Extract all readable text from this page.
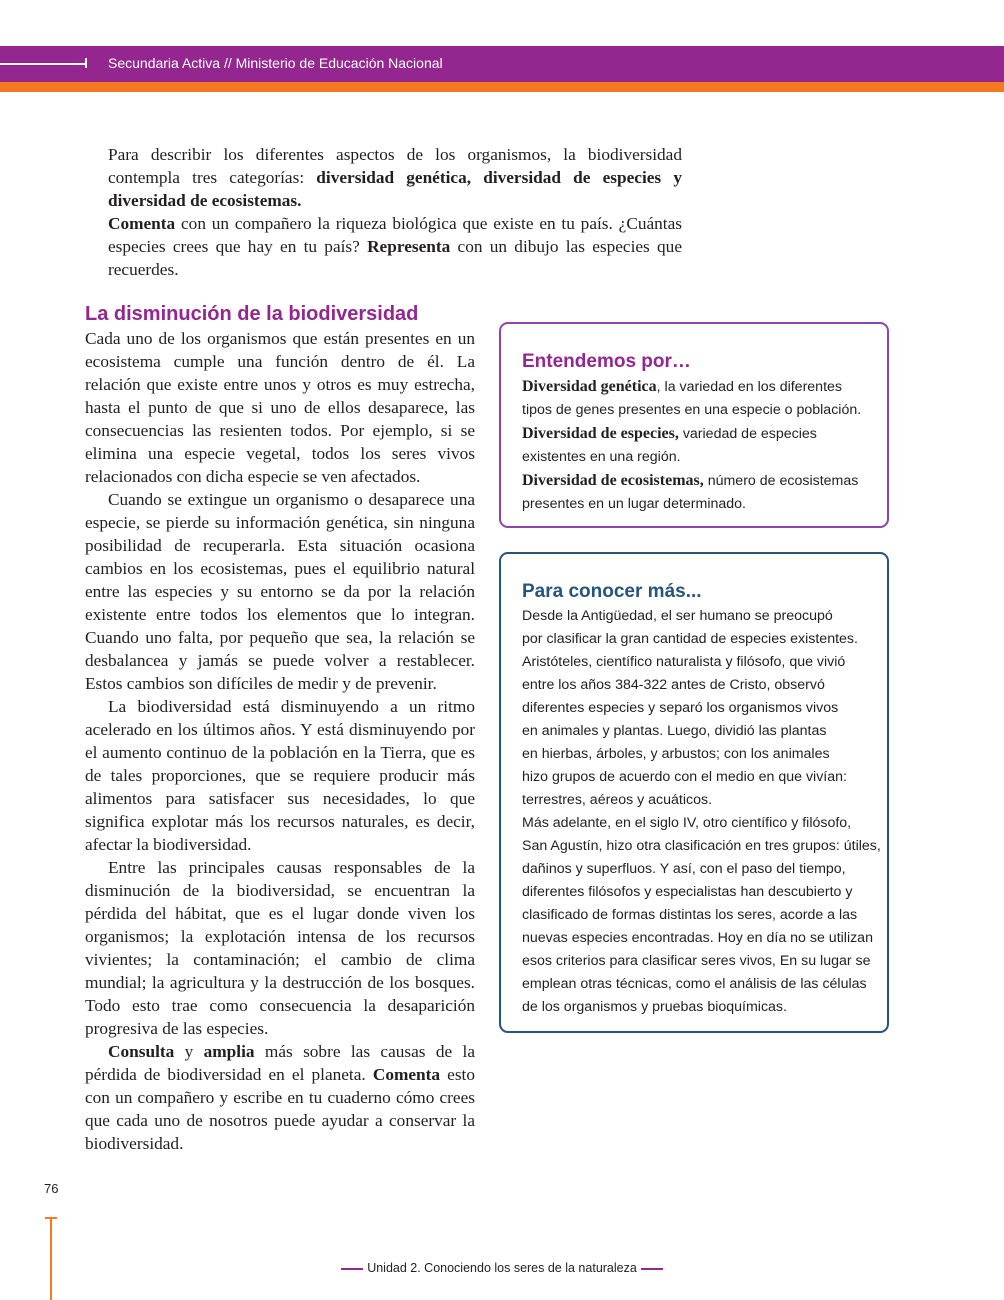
Secundaria Activa // Ministerio de Educación Nacional
Para describir los diferentes aspectos de los organismos, la biodiversidad contempla tres categorías: diversidad genética, diversidad de especies y diversidad de ecosistemas.
Comenta con un compañero la riqueza biológica que existe en tu país. ¿Cuántas especies crees que hay en tu país? Representa con un dibujo las especies que recuerdes.
La disminución de la biodiversidad
Cada uno de los organismos que están presentes en un ecosistema cumple una función dentro de él. La relación que existe entre unos y otros es muy estrecha, hasta el punto de que si uno de ellos desaparece, las consecuencias las resienten todos. Por ejemplo, si se elimina una especie vegetal, todos los seres vivos relacionados con dicha especie se ven afectados.
Cuando se extingue un organismo o desaparece una especie, se pierde su información genética, sin ninguna posibilidad de recuperarla. Esta situación ocasiona cambios en los ecosistemas, pues el equilibrio natural entre las especies y su entorno se da por la relación existente entre todos los elementos que lo integran. Cuando uno falta, por pequeño que sea, la relación se desbalancea y jamás se puede volver a restablecer. Estos cambios son difíciles de medir y de prevenir.
La biodiversidad está disminuyendo a un ritmo acelerado en los últimos años. Y está disminuyendo por el aumento continuo de la población en la Tierra, que es de tales proporciones, que se requiere producir más alimentos para satisfacer sus necesidades, lo que significa explotar más los recursos naturales, es decir, afectar la biodiversidad.
Entre las principales causas responsables de la disminución de la biodiversidad, se encuentran la pérdida del hábitat, que es el lugar donde viven los organismos; la explotación intensa de los recursos vivientes; la contaminación; el cambio de clima mundial; la agricultura y la destrucción de los bosques. Todo esto trae como consecuencia la desaparición progresiva de las especies.
Consulta y amplia más sobre las causas de la pérdida de biodiversidad en el planeta. Comenta esto con un compañero y escribe en tu cuaderno cómo crees que cada uno de nosotros puede ayudar a conservar la biodiversidad.
Entendemos por…
Diversidad genética, la variedad en los diferentes
tipos de genes presentes en una especie o población.
Diversidad de especies, variedad de especies
existentes en una región.
Diversidad de ecosistemas, número de ecosistemas
presentes en un lugar determinado.
Para conocer más...
Desde la Antigüedad, el ser humano se preocupó
por clasificar la gran cantidad de especies existentes.
Aristóteles, científico naturalista y filósofo, que vivió
entre los años 384-322 antes de Cristo, observó
diferentes especies y separó los organismos vivos
en animales y plantas. Luego, dividió las plantas
en hierbas, árboles, y arbustos; con los animales
hizo grupos de acuerdo con el medio en que vivían:
terrestres, aéreos y acuáticos.
Más adelante, en el siglo IV, otro científico y filósofo,
San Agustín, hizo otra clasificación en tres grupos: útiles,
dañinos y superfluos. Y así, con el paso del tiempo,
diferentes filósofos y especialistas han descubierto y
clasificado de formas distintas los seres, acorde a las
nuevas especies encontradas. Hoy en día no se utilizan
esos criterios para clasificar seres vivos, En su lugar se
emplean otras técnicas, como el análisis de las células
de los organismos y pruebas bioquímicas.
76
Unidad 2. Conociendo los seres de la naturaleza
